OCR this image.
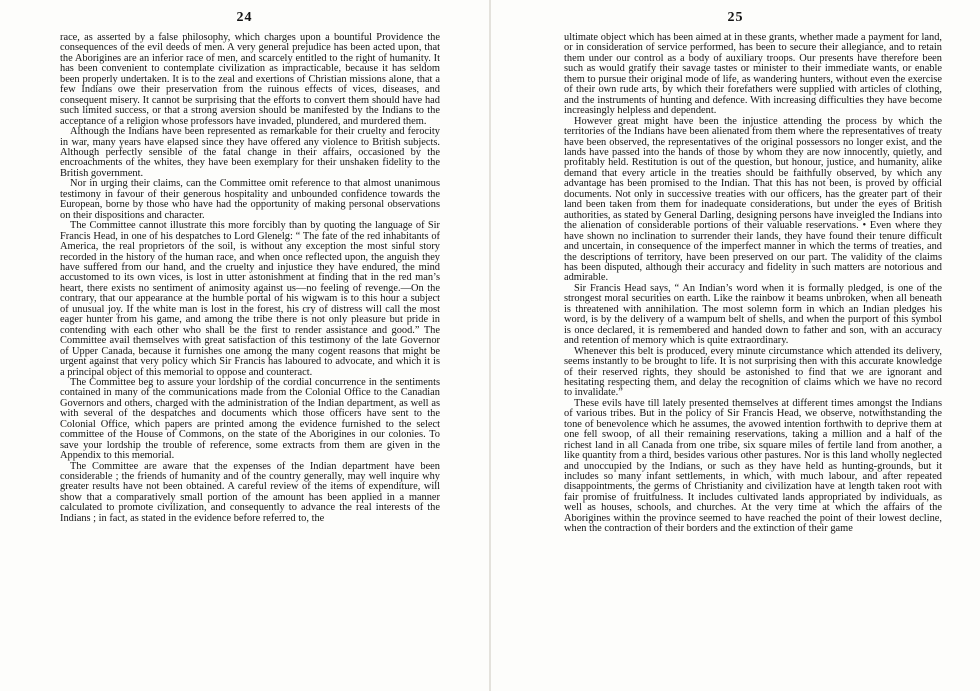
24

race, as asserted by a false philosophy, which charges upon a bountiful Providence the consequences of the evil deeds of men. A very general prejudice has been acted upon, that the Aborigines are an inferior race of men, and scarcely entitled to the right of humanity. It has been convenient to contemplate civilization as impracticable, because it has seldom been properly undertaken. It is to the zeal and exertions of Christian missions alone, that a few Indians owe their preservation from the ruinous effects of vices, diseases, and consequent misery. It cannot be surprising that the efforts to convert them should have had such limited success, or that a strong aversion should be manifested by the Indians to the acceptance of a religion whose professors have invaded, plundered, and murdered them.

Although the Indians have been represented as remarkable for their cruelty and ferocity in war, many years have elapsed since they have offered any violence to British subjects. Although perfectly sensible of the fatal change in their affairs, occasioned by the encroachments of the whites, they have been exemplary for their unshaken fidelity to the British government.

Nor in urging their claims, can the Committee omit reference to that almost unanimous testimony in favour of their generous hospitality and unbounded confidence towards the European, borne by those who have had the opportunity of making personal observations on their dispositions and character.

The Committee cannot illustrate this more forcibly than by quoting the language of Sir Francis Head, in one of his despatches to Lord Glenelg: “ The fate of the red inhabitants of America, the real proprietors of the soil, is without any exception the most sinful story recorded in the history of the human race, and when once reflected upon, the anguish they have suffered from our hand, and the cruelty and injustice they have endured, the mind accustomed to its own vices, is lost in utter astonishment at finding that in the red man’s heart, there exists no sentiment of animosity against us—no feeling of revenge.—On the contrary, that our appearance at the humble portal of his wigwam is to this hour a subject of unusual joy. If the white man is lost in the forest, his cry of distress will call the most eager hunter from his game, and among the tribe there is not only pleasure but pride in contending with each other who shall be the first to render assistance and good.” The Committee avail themselves with great satisfaction of this testimony of the late Governor of Upper Canada, because it furnishes one among the many cogent reasons that might be urgent against that very policy which Sir Francis has laboured to advocate, and which it is a principal object of this memorial to oppose and counteract.

The Committee beg to assure your lordship of the cordial concurrence in the sentiments contained in many of the communications made from the Colonial Office to the Canadian Governors and others, charged with the administration of the Indian department, as well as with several of the despatches and documents which those officers have sent to the Colonial Office, which papers are printed among the evidence furnished to the select committee of the House of Commons, on the state of the Aborigines in our colonies. To save your lordship the trouble of reference, some extracts from them are given in the Appendix to this memorial.

The Committee are aware that the expenses of the Indian department have been considerable ; the friends of humanity and of the country generally, may well inquire why greater results have not been obtained. A careful review of the items of expenditure, will show that a comparatively small portion of the amount has been applied in a manner calculated to promote civilization, and consequently to advance the real interests of the Indians ; in fact, as stated in the evidence before referred to, the

25

ultimate object which has been aimed at in these grants, whether made a payment for land, or in consideration of service performed, has been to secure their allegiance, and to retain them under our control as a body of auxiliary troops. Our presents have therefore been such as would gratify their savage tastes or minister to their immediate wants, or enable them to pursue their original mode of life, as wandering hunters, without even the exercise of their own rude arts, by which their forefathers were supplied with articles of clothing, and the instruments of hunting and defence. With increasing difficulties they have become increasingly helpless and dependent.

However great might have been the injustice attending the process by which the territories of the Indians have been alienated from them where the representatives of treaty have been observed, the representatives of the original possessors no longer exist, and the lands have passed into the hands of those by whom they are now innocently, quietly, and profitably held. Restitution is out of the question, but honour, justice, and humanity, alike demand that every article in the treaties should be faithfully observed, by which any advantage has been promised to the Indian. That this has not been, is proved by official documents. Not only in successive treaties with our officers, has the greater part of their land been taken from them for inadequate considerations, but under the eyes of British authorities, as stated by General Darling, designing persons have inveigled the Indians into the alienation of considerable portions of their valuable reservations. • Even where they have shown no inclination to surrender their lands, they have found their tenure difficult and uncertain, in consequence of the imperfect manner in which the terms of treaties, and the descriptions of territory, have been preserved on our part. The validity of the claims has been disputed, although their accuracy and fidelity in such matters are notorious and admirable.

Sir Francis Head says, “ An Indian’s word when it is formally pledged, is one of the strongest moral securities on earth. Like the rainbow it beams unbroken, when all beneath is threatened with annihilation. The most solemn form in which an Indian pledges his word, is by the delivery of a wampum belt of shells, and when the purport of this symbol is once declared, it is remembered and handed down to father and son, with an accuracy and retention of memory which is quite extraordinary.

Whenever this belt is produced, every minute circumstance which attended its delivery, seems instantly to be brought to life. It is not surprising then with this accurate knowledge of their reserved rights, they should be astonished to find that we are ignorant and hesitating respecting them, and delay the recognition of claims which we have no record to invalidate.”

These evils have till lately presented themselves at different times amongst the Indians of various tribes. But in the policy of Sir Francis Head, we observe, notwithstanding the tone of benevolence which he assumes, the avowed intention forthwith to deprive them at one fell swoop, of all their remaining reservations, taking a million and a half of the richest land in all Canada from one tribe, six square miles of fertile land from another, a like quantity from a third, besides various other pastures. Nor is this land wholly neglected and unoccupied by the Indians, or such as they have held as hunting-grounds, but it includes so many infant settlements, in which, with much labour, and after repeated disappointments, the germs of Christianity and civilization have at length taken root with fair promise of fruitfulness. It includes cultivated lands appropriated by individuals, as well as houses, schools, and churches. At the very time at which the affairs of the Aborigines within the province seemed to have reached the point of their lowest decline, when the contraction of their borders and the extinction of their game
